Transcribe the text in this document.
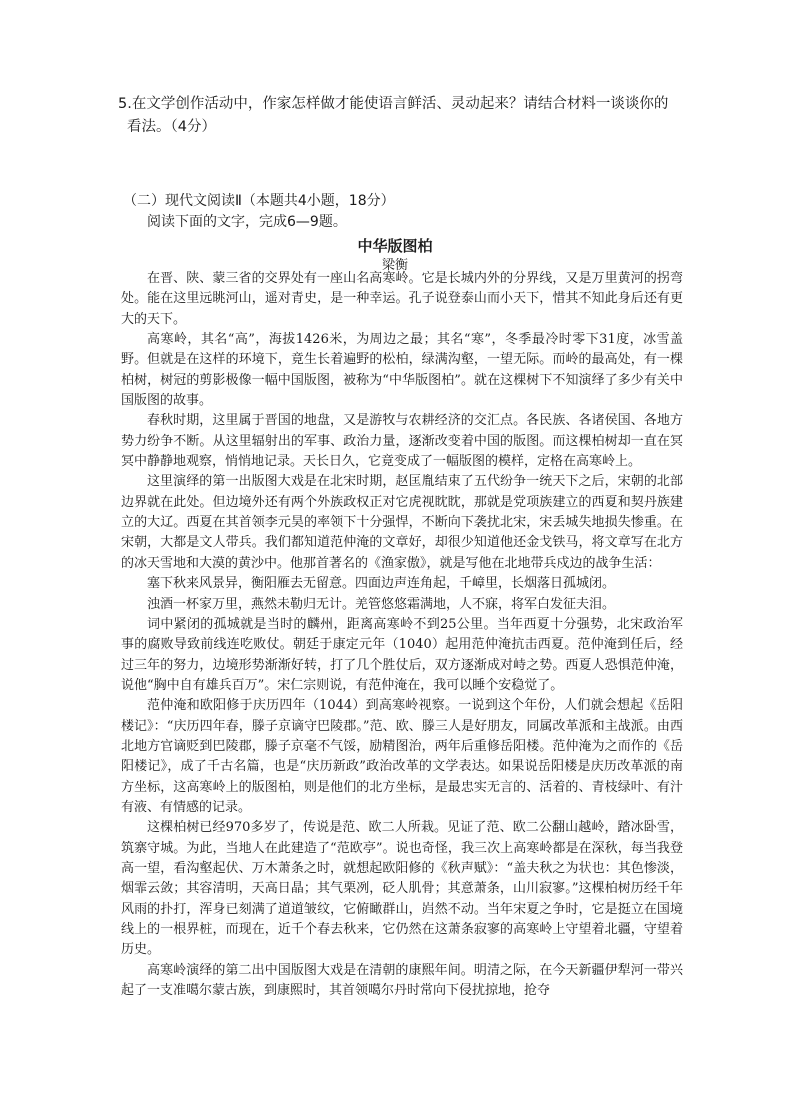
5.在文学创作活动中，作家怎样做才能使语言鲜活、灵动起来？请结合材料一谈谈你的
看法。（4分）
（二）现代文阅读Ⅱ（本题共4小题，18分）
阅读下面的文字，完成6—9题。
中华版图柏
梁衡

在晋、陕、蒙三省的交界处有一座山名高寒岭。它是长城内外的分界线，又是万里黄河的拐弯处。能在这里远眺河山，遥对青史，是一种幸运。孔子说登泰山而小天下，惜其不知此身后还有更大的天下。

高寒岭，其名“高”，海拔1426米，为周边之最；其名“寒”，冬季最冷时零下31度，冰雪盖野。但就是在这样的环境下，竟生长着遍野的松柏，绿满沟壑，一望无际。而岭的最高处，有一棵柏树，树冠的剪影极像一幅中国版图，被称为“中华版图柏”。就在这棵树下不知演绎了多少有关中国版图的故事。

春秋时期，这里属于晋国的地盘，又是游牧与农耕经济的交汇点。各民族、各诸侯国、各地方势力纷争不断。从这里辐射出的军事、政治力量，逐渐改变着中国的版图。而这棵柏树却一直在冥冥中静静地观察，悄悄地记录。天长日久，它竟变成了一幅版图的模样，定格在高寒岭上。

这里演绎的第一出版图大戏是在北宋时期，赵匡胤结束了五代纷争一统天下之后，宋朝的北部边界就在此处。但边境外还有两个外族政权正对它虎视眈眈，那就是党项族建立的西夏和契丹族建立的大辽。西夏在其首领李元昊的率领下十分强悍，不断向下袭扰北宋，宋丢城失地损失惨重。在宋朝，大都是文人带兵。我们都知道范仲淹的文章好，却很少知道他还金戈铁马，将文章写在北方的冰天雪地和大漠的黄沙中。他那首著名的《渔家傲》，就是写他在北地带兵戍边的战争生活：

塞下秋来风景异，衡阳雁去无留意。四面边声连角起，千嶂里，长烟落日孤城闭。

浊酒一杯家万里，燕然未勒归无计。羌管悠悠霜满地，人不寐，将军白发征夫泪。

词中紧闭的孤城就是当时的麟州，距离高寒岭不到25公里。当年西夏十分强势，北宋政治军事的腐败导致前线连吃败仗。朝廷于康定元年（1040）起用范仲淹抗击西夏。范仲淹到任后，经过三年的努力，边境形势渐渐好转，打了几个胜仗后，双方逐渐成对峙之势。西夏人恐惧范仲淹，说他“胸中自有雄兵百万”。宋仁宗则说，有范仲淹在，我可以睡个安稳觉了。

范仲淹和欧阳修于庆历四年（1044）到高寒岭视察。一说到这个年份，人们就会想起《岳阳楼记》：“庆历四年春，滕子京谪守巴陵郡。”范、欧、滕三人是好朋友，同属改革派和主战派。由西北地方官谪贬到巴陵郡，滕子京毫不气馁，励精图治，两年后重修岳阳楼。范仲淹为之而作的《岳阳楼记》，成了千古名篇，也是“庆历新政”政治改革的文学表达。如果说岳阳楼是庆历改革派的南方坐标，这高寒岭上的版图柏，则是他们的北方坐标，是最忠实无言的、活着的、青枝绿叶、有汁有液、有情感的记录。

这棵柏树已经970多岁了，传说是范、欧二人所栽。见证了范、欧二公翻山越岭，踏冰卧雪，筑寨守城。为此，当地人在此建造了“范欧亭”。说也奇怪，我三次上高寒岭都是在深秋，每当我登高一望，看沟壑起伏、万木萧条之时，就想起欧阳修的《秋声赋》：“盖夫秋之为状也：其色惨淡，烟霏云敛；其容清明，天高日晶；其气栗冽，砭人肌骨；其意萧条，山川寂寥。”这棵柏树历经千年风雨的扑打，浑身已刻满了道道皱纹，它俯瞰群山，岿然不动。当年宋夏之争时，它是挺立在国境线上的一根界桩，而现在，近千个春去秋来，它仍然在这萧条寂寥的高寒岭上守望着北疆，守望着历史。

高寒岭演绎的第二出中国版图大戏是在清朝的康熙年间。明清之际，在今天新疆伊犁河一带兴起了一支准噶尔蒙古族，到康熙时，其首领噶尔丹时常向下侵扰掠地，抢夺
